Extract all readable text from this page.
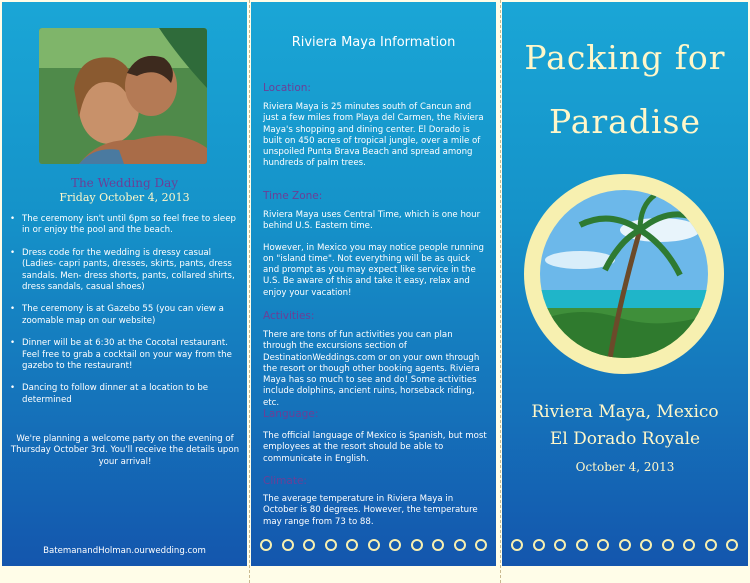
The Wedding Day
Friday October 4, 2013
• The ceremony isn't until 6pm so feel free to sleep in or enjoy the pool and the beach.
• Dress code for the wedding is dressy casual (Ladies- capri pants, dresses, skirts, pants, dress sandals. Men- dress shorts, pants, collared shirts, dress sandals, casual shoes)
• The ceremony is at Gazebo 55 (you can view a zoomable map on our website)
• Dinner will be at 6:30 at the Cocotal restaurant. Feel free to grab a cocktail on your way from the gazebo to the restaurant!
• Dancing to follow dinner at a location to be determined
We're planning a welcome party on the evening of Thursday October 3rd. You'll receive the details upon your arrival!
BatemanandHolman.ourwedding.com
Riviera Maya Information
Location:

Riviera Maya is 25 minutes south of Cancun and just a few miles from Playa del Carmen, the Riviera Maya's shopping and dining center. El Dorado is built on 450 acres of tropical jungle, over a mile of unspoiled Punta Brava Beach and spread among hundreds of palm trees.

Time Zone:

Riviera Maya uses Central Time, which is one hour behind U.S. Eastern time.

However, in Mexico you may notice people running on "island time". Not everything will be as quick and prompt as you may expect like service in the U.S. Be aware of this and take it easy, relax and enjoy your vacation!

Activities:

There are tons of fun activities you can plan through the excursions section of DestinationWeddings.com or on your own through the resort or though other booking agents. Riviera Maya has so much to see and do! Some activities include dolphins, ancient ruins, horseback riding, etc.

Language:

The official language of Mexico is Spanish, but most employees at the resort should be able to communicate in English.

Climate:

The average temperature in Riviera Maya in October is 80 degrees. However, the temperature may range from 73 to 88.

Packing for
Paradise
Riviera Maya, Mexico
El Dorado Royale
October 4, 2013
